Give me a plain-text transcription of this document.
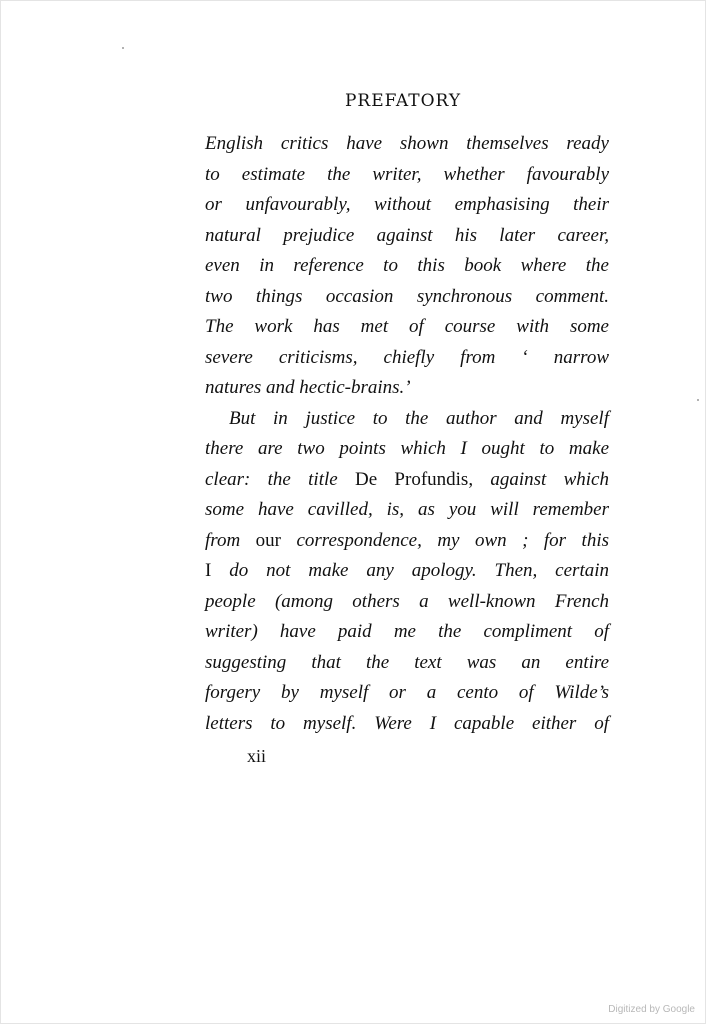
PREFATORY
English critics have shown themselves ready
to estimate the writer, whether favourably
or unfavourably, without emphasising their
natural prejudice against his later career,
even in reference to this book where the
two things occasion synchronous comment.
The work has met of course with some
severe criticisms, chiefly from ‘ narrow
natures and hectic-brains.’
But in justice to the author and myself
there are two points which I ought to make
clear: the title De Profundis, against which
some have cavilled, is, as you will remember
from our correspondence, my own ; for this
I do not make any apology. Then, certain
people (among others a well-known French
writer) have paid me the compliment of
suggesting that the text was an entire
forgery by myself or a cento of Wilde’s
letters to myself. Were I capable either of
xii
Digitized by Google
